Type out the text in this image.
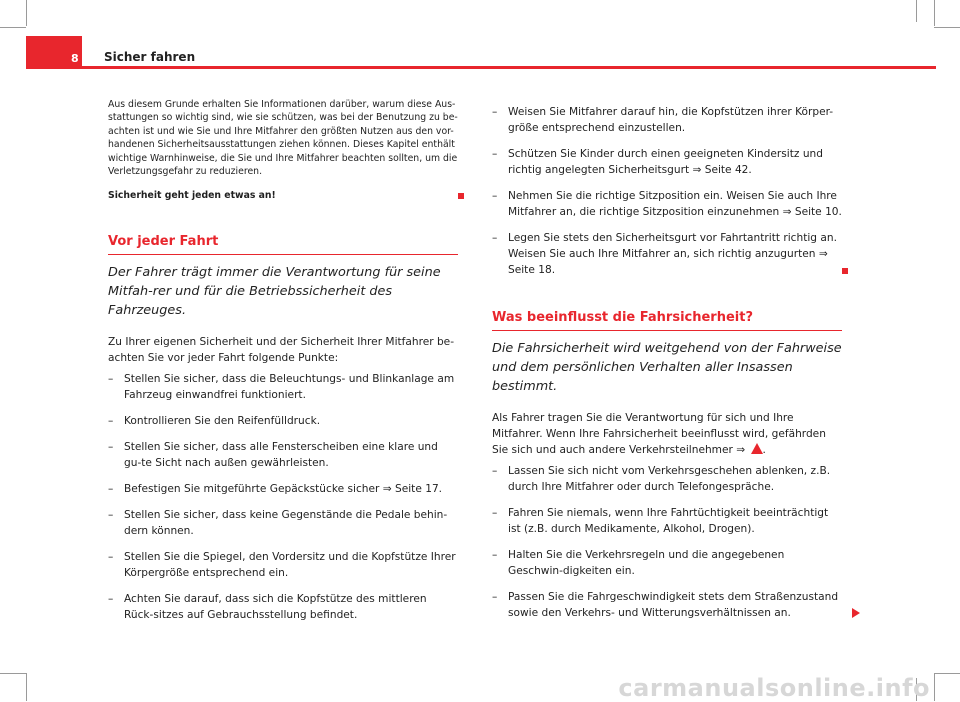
8 Sicher fahren

Aus diesem Grunde erhalten Sie Informationen darüber, warum diese Aus-stattungen so wichtig sind, wie sie schützen, was bei der Benutzung zu be-achten ist und wie Sie und Ihre Mitfahrer den größten Nutzen aus den vor-handenen Sicherheitsausstattungen ziehen können. Dieses Kapitel enthält wichtige Warnhinweise, die Sie und Ihre Mitfahrer beachten sollten, um die Verletzungsgefahr zu reduzieren.

Sicherheit geht jeden etwas an!

Vor jeder Fahrt

Der Fahrer trägt immer die Verantwortung für seine Mitfah-rer und für die Betriebssicherheit des Fahrzeuges.

Zu Ihrer eigenen Sicherheit und der Sicherheit Ihrer Mitfahrer be-achten Sie vor jeder Fahrt folgende Punkte:

– Stellen Sie sicher, dass die Beleuchtungs- und Blinkanlage am Fahrzeug einwandfrei funktioniert.
– Kontrollieren Sie den Reifenfülldruck.
– Stellen Sie sicher, dass alle Fensterscheiben eine klare und gu-te Sicht nach außen gewährleisten.
– Befestigen Sie mitgeführte Gepäckstücke sicher ⇒ Seite 17.
– Stellen Sie sicher, dass keine Gegenstände die Pedale behin-dern können.
– Stellen Sie die Spiegel, den Vordersitz und die Kopfstütze Ihrer Körpergröße entsprechend ein.
– Achten Sie darauf, dass sich die Kopfstütze des mittleren Rück-sitzes auf Gebrauchsstellung befindet.
– Weisen Sie Mitfahrer darauf hin, die Kopfstützen ihrer Körper-größe entsprechend einzustellen.
– Schützen Sie Kinder durch einen geeigneten Kindersitz und richtig angelegten Sicherheitsgurt ⇒ Seite 42.
– Nehmen Sie die richtige Sitzposition ein. Weisen Sie auch Ihre Mitfahrer an, die richtige Sitzposition einzunehmen ⇒ Seite 10.
– Legen Sie stets den Sicherheitsgurt vor Fahrtantritt richtig an. Weisen Sie auch Ihre Mitfahrer an, sich richtig anzugurten ⇒ Seite 18.
Was beeinflusst die Fahrsicherheit?

Die Fahrsicherheit wird weitgehend von der Fahrweise und dem persönlichen Verhalten aller Insassen bestimmt.

Als Fahrer tragen Sie die Verantwortung für sich und Ihre Mitfahrer. Wenn Ihre Fahrsicherheit beeinflusst wird, gefährden Sie sich und auch andere Verkehrsteilnehmer ⇒ .

– Lassen Sie sich nicht vom Verkehrsgeschehen ablenken, z.B. durch Ihre Mitfahrer oder durch Telefongespräche.
– Fahren Sie niemals, wenn Ihre Fahrtüchtigkeit beeinträchtigt ist (z.B. durch Medikamente, Alkohol, Drogen).
– Halten Sie die Verkehrsregeln und die angegebenen Geschwin-digkeiten ein.
– Passen Sie die Fahrgeschwindigkeit stets dem Straßenzustand sowie den Verkehrs- und Witterungsverhältnissen an.
carmanualsonline.info
